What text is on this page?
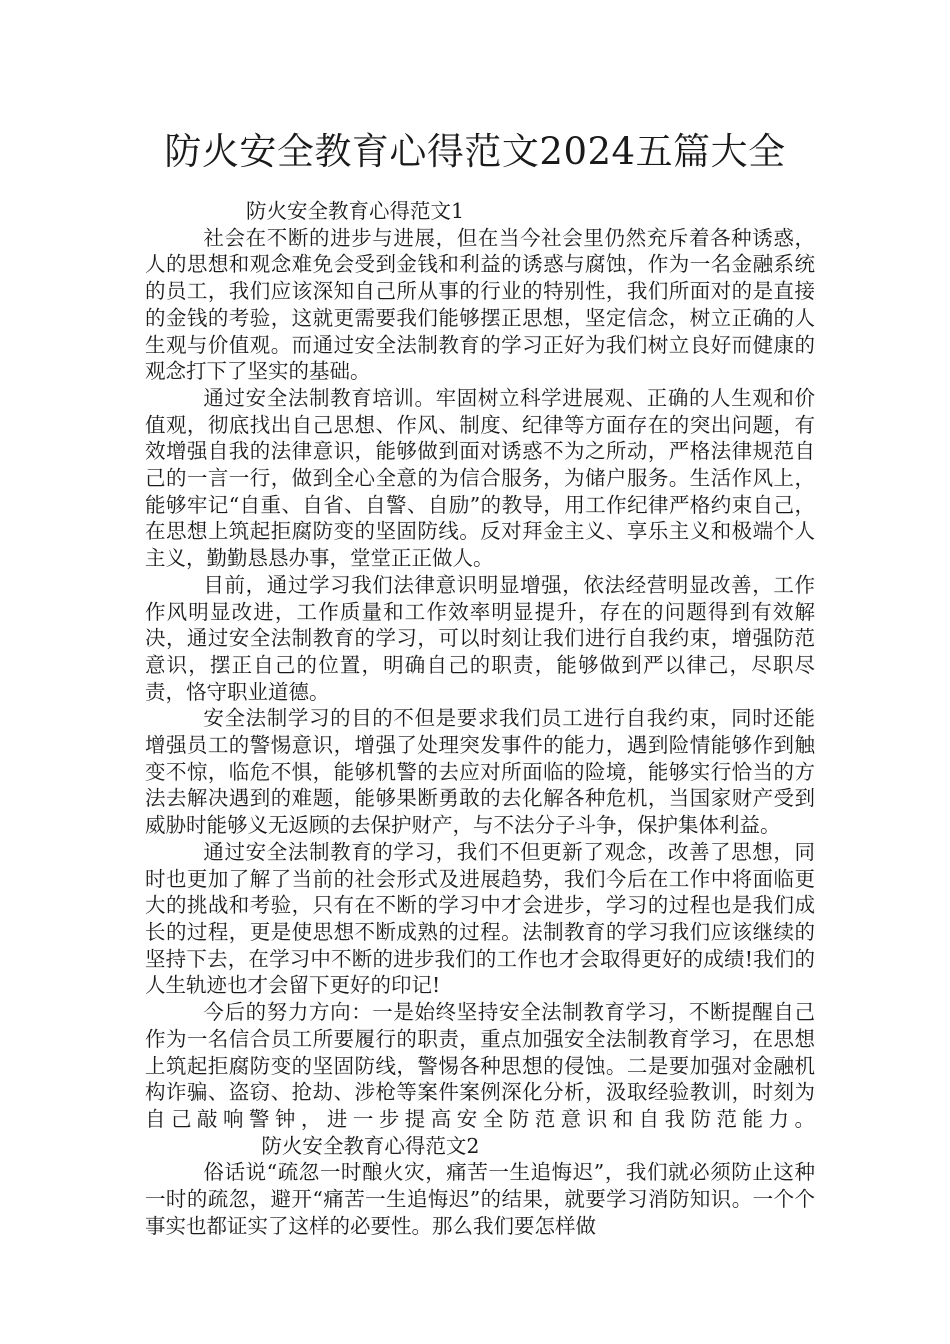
防火安全教育心得范文2024五篇大全
防火安全教育心得范文1

社会在不断的进步与进展，但在当今社会里仍然充斥着各种诱惑，人的思想和观念难免会受到金钱和利益的诱惑与腐蚀，作为一名金融系统的员工，我们应该深知自己所从事的行业的特别性，我们所面对的是直接的金钱的考验，这就更需要我们能够摆正思想，坚定信念，树立正确的人生观与价值观。而通过安全法制教育的学习正好为我们树立良好而健康的观念打下了坚实的基础。

通过安全法制教育培训。牢固树立科学进展观、正确的人生观和价值观，彻底找出自己思想、作风、制度、纪律等方面存在的突出问题，有效增强自我的法律意识，能够做到面对诱惑不为之所动，严格法律规范自己的一言一行，做到全心全意的为信合服务，为储户服务。生活作风上，能够牢记“自重、自省、自警、自励”的教导，用工作纪律严格约束自己，在思想上筑起拒腐防变的坚固防线。反对拜金主义、享乐主义和极端个人主义，勤勤恳恳办事，堂堂正正做人。

目前，通过学习我们法律意识明显增强，依法经营明显改善，工作作风明显改进，工作质量和工作效率明显提升，存在的问题得到有效解决，通过安全法制教育的学习，可以时刻让我们进行自我约束，增强防范意识，摆正自己的位置，明确自己的职责，能够做到严以律己，尽职尽责，恪守职业道德。

安全法制学习的目的不但是要求我们员工进行自我约束，同时还能增强员工的警惕意识，增强了处理突发事件的能力，遇到险情能够作到触变不惊，临危不惧，能够机警的去应对所面临的险境，能够实行恰当的方法去解决遇到的难题，能够果断勇敢的去化解各种危机，当国家财产受到威胁时能够义无返顾的去保护财产，与不法分子斗争，保护集体利益。

通过安全法制教育的学习，我们不但更新了观念，改善了思想，同时也更加了解了当前的社会形式及进展趋势，我们今后在工作中将面临更大的挑战和考验，只有在不断的学习中才会进步，学习的过程也是我们成长的过程，更是使思想不断成熟的过程。法制教育的学习我们应该继续的坚持下去，在学习中不断的进步我们的工作也才会取得更好的成绩!我们的人生轨迹也才会留下更好的印记!

今后的努力方向：一是始终坚持安全法制教育学习，不断提醒自己作为一名信合员工所要履行的职责，重点加强安全法制教育学习，在思想上筑起拒腐防变的坚固防线，警惕各种思想的侵蚀。二是要加强对金融机构诈骗、盗窃、抢劫、涉枪等案件案例深化分析，汲取经验教训，时刻为自己敲响警钟，进一步提高安全防范意识和自我防范能力。防火安全教育心得范文2

俗话说“疏忽一时酿火灾，痛苦一生追悔迟”，我们就必须防止这种一时的疏忽，避开“痛苦一生追悔迟”的结果，就要学习消防知识。一个个事实也都证实了这样的必要性。那么我们要怎样做
